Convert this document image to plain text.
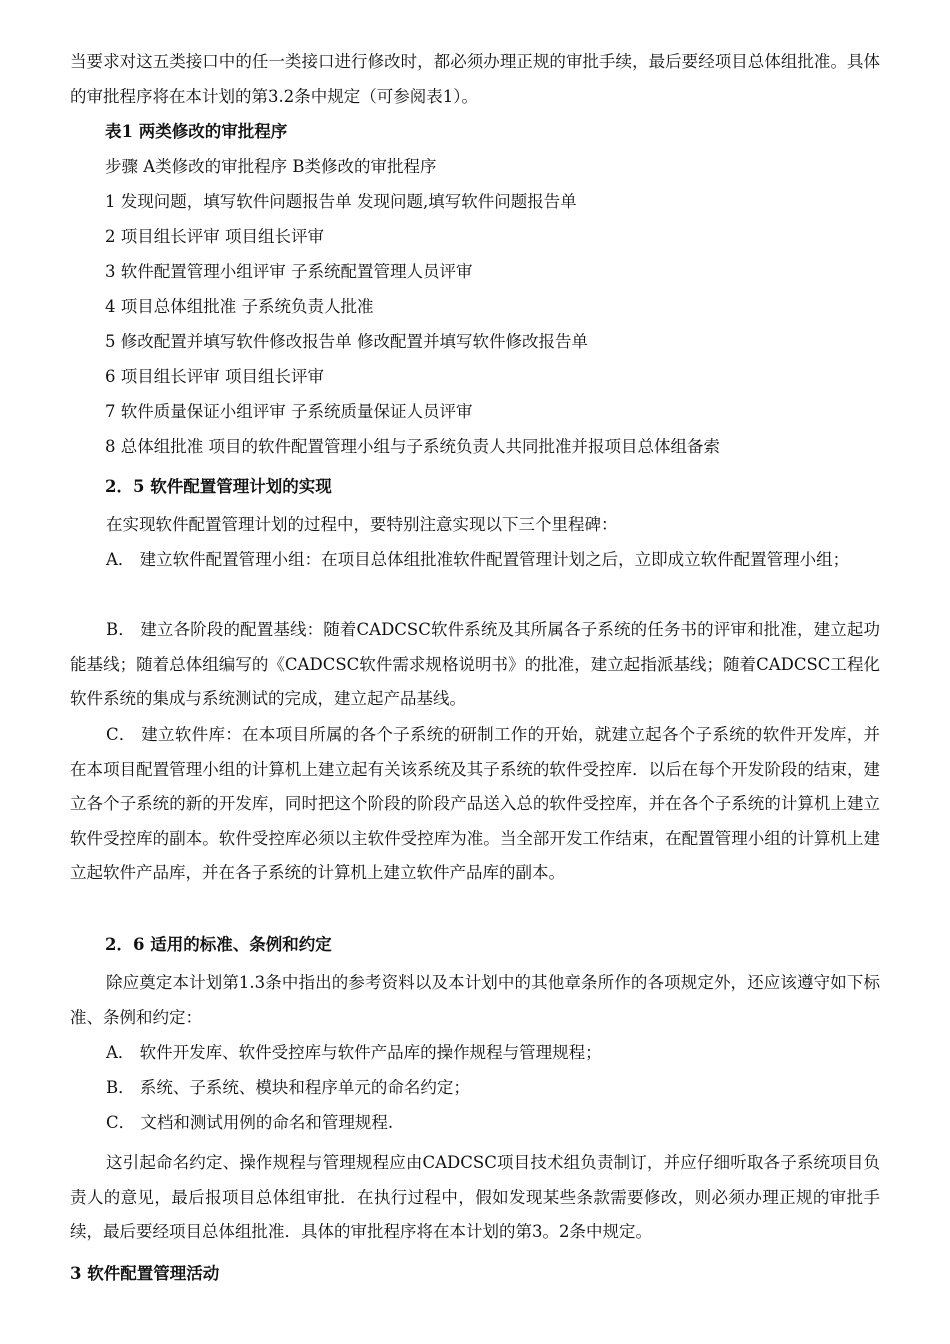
当要求对这五类接口中的任一类接口进行修改时，都必须办理正规的审批手续，最后要经项目总体组批准。具体的审批程序将在本计划的第3.2条中规定（可参阅表1）。

表1 两类修改的审批程序

步骤 A类修改的审批程序 B类修改的审批程序

1 发现问题，填写软件问题报告单 发现问题,填写软件问题报告单

2 项目组长评审 项目组长评审

3 软件配置管理小组评审 子系统配置管理人员评审

4 项目总体组批准 子系统负责人批准

5 修改配置并填写软件修改报告单 修改配置并填写软件修改报告单

6 项目组长评审 项目组长评审

7 软件质量保证小组评审 子系统质量保证人员评审

8 总体组批准 项目的软件配置管理小组与子系统负责人共同批准并报项目总体组备索

2．5 软件配置管理计划的实现

在实现软件配置管理计划的过程中，要特别注意实现以下三个里程碑：

A． 建立软件配置管理小组：在项目总体组批准软件配置管理计划之后，立即成立软件配置管理小组；

B． 建立各阶段的配置基线：随着CADCSC软件系统及其所属各子系统的任务书的评审和批准，建立起功能基线；随着总体组编写的《CADCSC软件需求规格说明书》的批准，建立起指派基线；随着CADCSC工程化软件系统的集成与系统测试的完成，建立起产品基线。

C． 建立软件库：在本项目所属的各个子系统的研制工作的开始，就建立起各个子系统的软件开发库，并在本项目配置管理小组的计算机上建立起有关该系统及其子系统的软件受控库．以后在每个开发阶段的结束，建立各个子系统的新的开发库，同时把这个阶段的阶段产品送入总的软件受控库，并在各个子系统的计算机上建立软件受控库的副本。软件受控库必须以主软件受控库为准。当全部开发工作结束，在配置管理小组的计算机上建立起软件产品库，并在各子系统的计算机上建立软件产品库的副本。

2．6 适用的标准、条例和约定

除应奠定本计划第1.3条中指出的参考资料以及本计划中的其他章条所作的各项规定外，还应该遵守如下标准、条例和约定：

A． 软件开发库、软件受控库与软件产品库的操作规程与管理规程；

B． 系统、子系统、模块和程序单元的命名约定；

C． 文档和测试用例的命名和管理规程.

这引起命名约定、操作规程与管理规程应由CADCSC项目技术组负责制订，并应仔细听取各子系统项目负责人的意见，最后报项目总体组审批．在执行过程中，假如发现某些条款需要修改，则必须办理正规的审批手续，最后要经项目总体组批准．具体的审批程序将在本计划的第3。2条中规定。

3 软件配置管理活动
